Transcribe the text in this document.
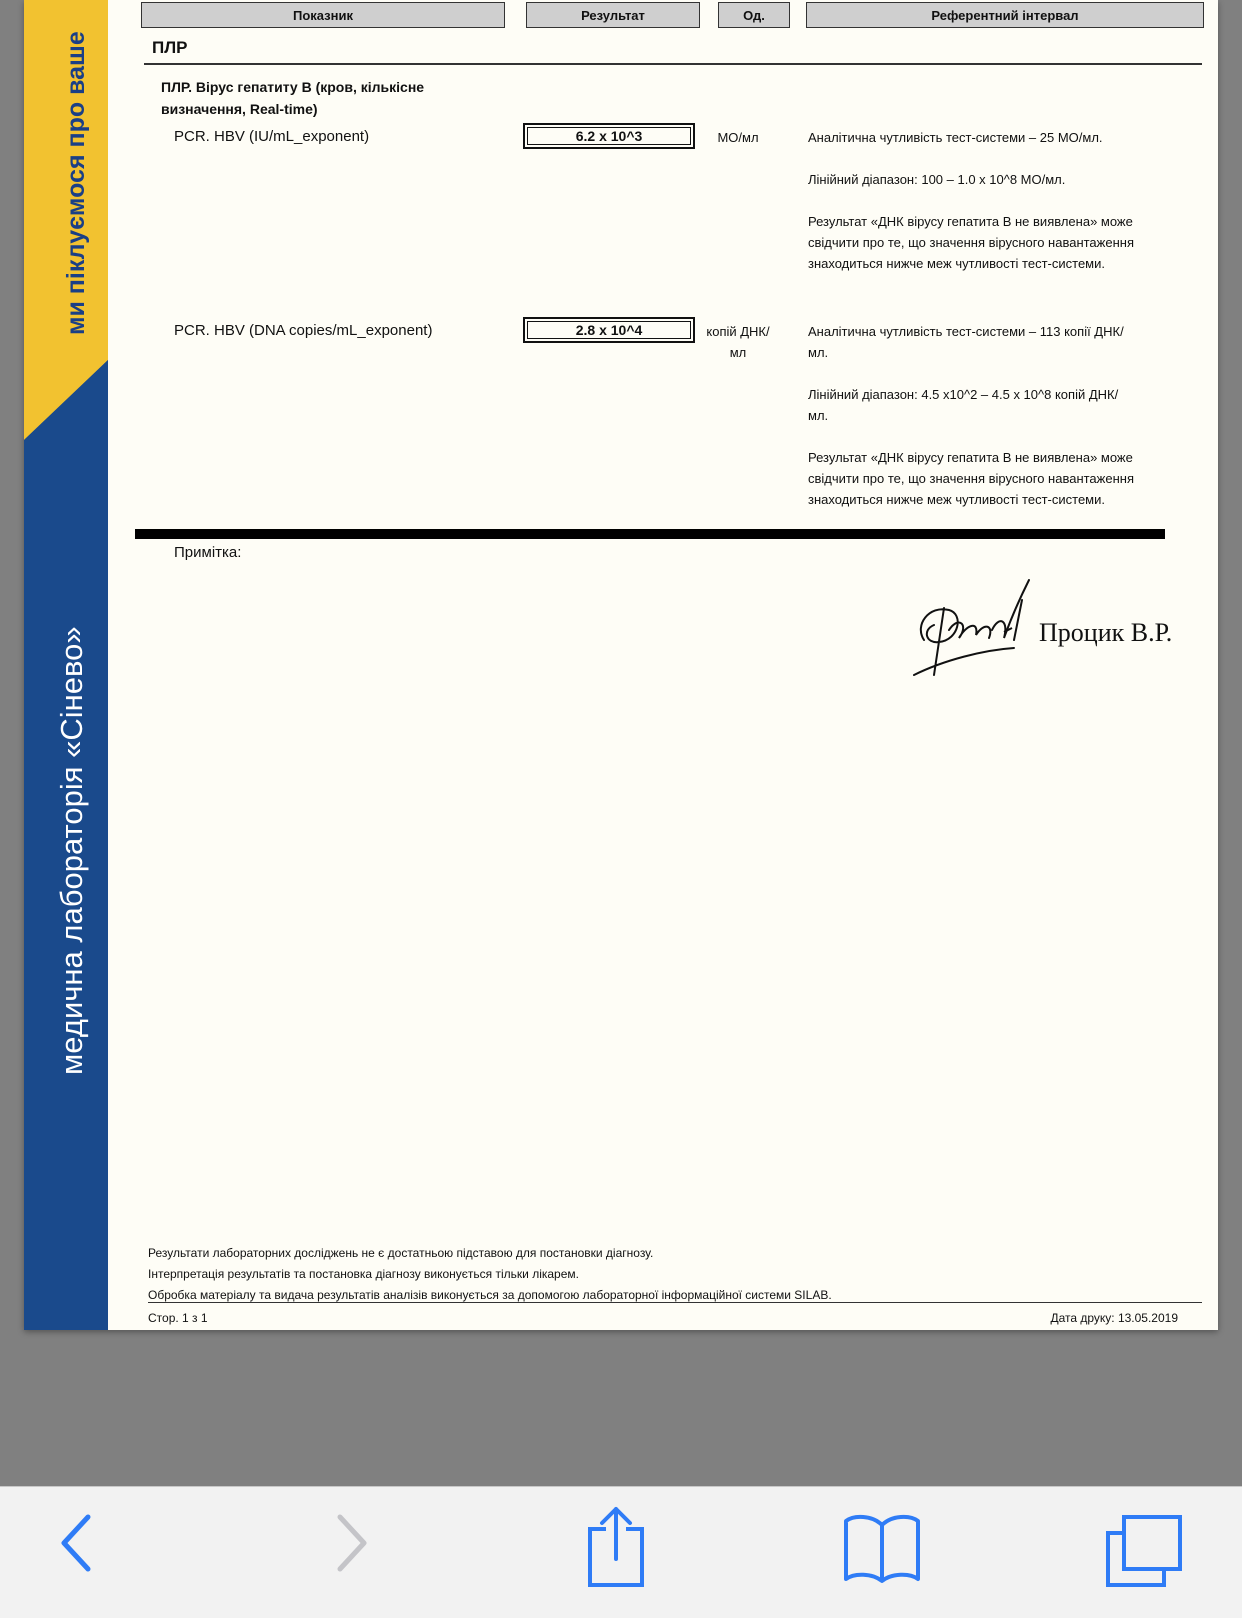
ми піклуємося про ваше
медична лабораторія «Сінево»
Показник	Результат	Од.	Референтний інтервал
ПЛР
ПЛР. Вірус гепатиту В (кров, кількісне визначення, Real-time)
PCR. HBV (IU/mL_exponent)	6.2 x 10^3	МО/мл	Аналітична чутливість тест-системи – 25 МО/мл.

Лінійний діапазон: 100 – 1.0 x 10^8 МО/мл.

Результат «ДНК вірусу гепатита В не виявлена» може свідчити про те, що значення вірусного навантаження знаходиться нижче меж чутливості тест-системи.

PCR. HBV (DNA copies/mL_exponent)	2.8 x 10^4	копій ДНК/мл

Аналітична чутливість тест-системи – 113 копії ДНК/мл.

Лінійний діапазон: 4.5 x10^2 – 4.5 x 10^8 копій ДНК/мл.

Результат «ДНК вірусу гепатита В не виявлена» може свідчити про те, що значення вірусного навантаження знаходиться нижче меж чутливості тест-системи.

Примітка:
Процик В.Р.
Результати лабораторних досліджень не є достатньою підставою для постановки діагнозу.
Інтерпретація результатів та постановка діагнозу виконується тільки лікарем.
Обробка матеріалу та видача результатів аналізів виконується за допомогою лабораторної інформаційної системи SILAB.
Стор. 1 з 1	Дата друку: 13.05.2019
